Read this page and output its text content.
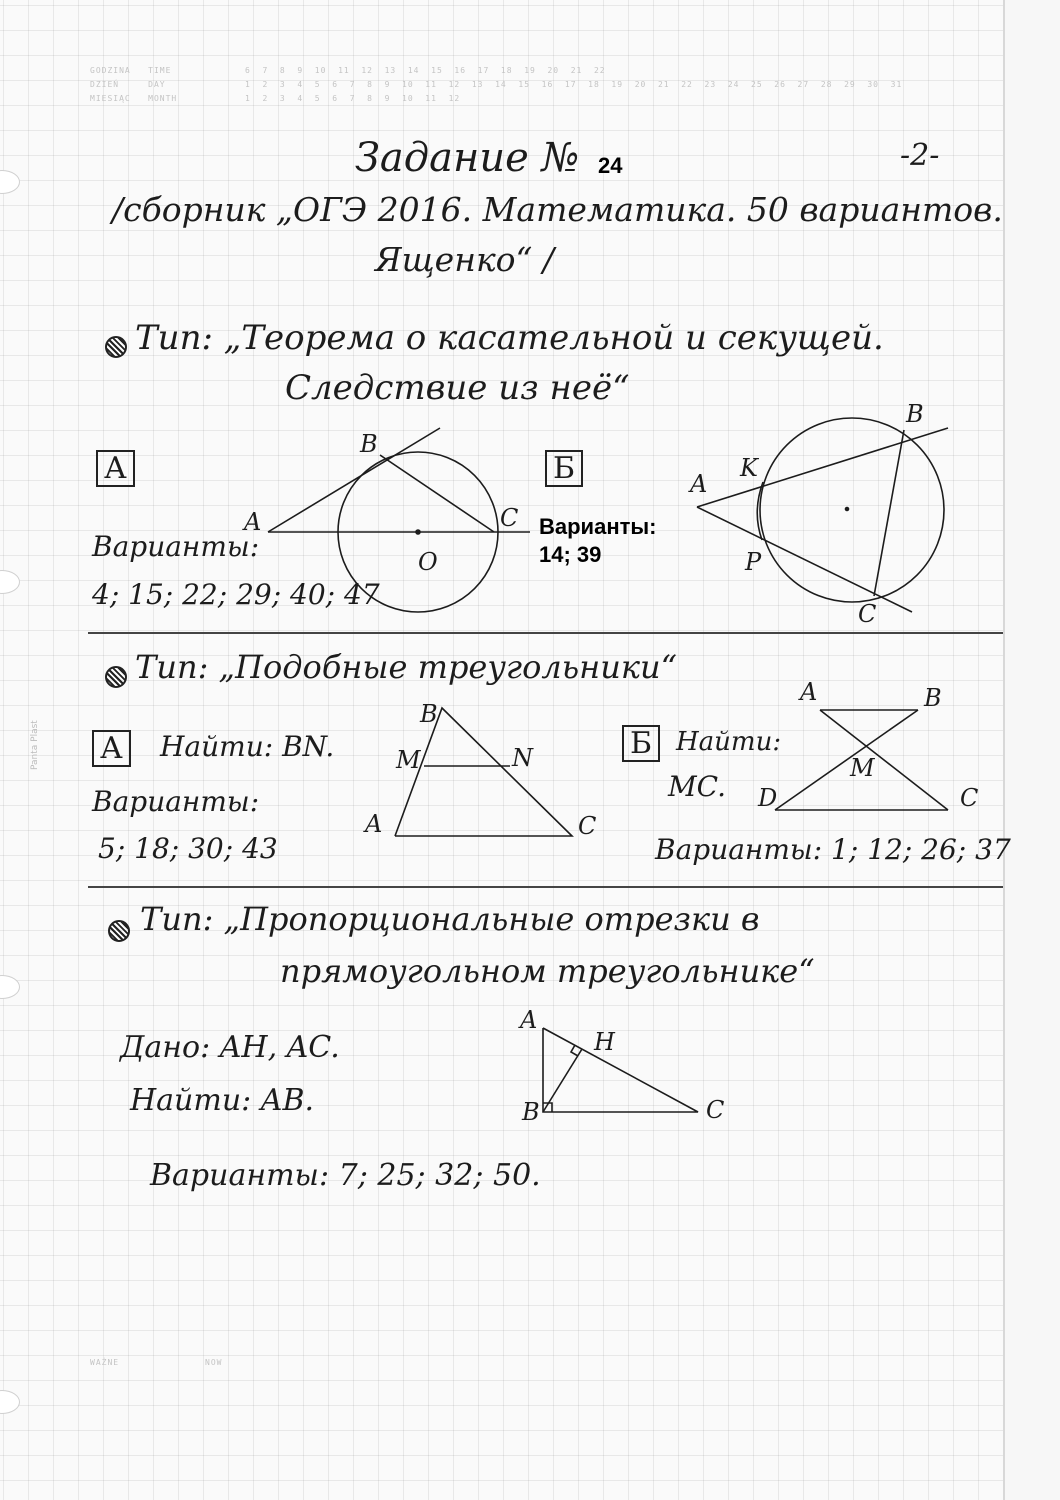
GODZINA   TIME	6  7  8  9  10  11  12  13  14  15  16  17  18  19  20  21  22
DZIEŃ     DAY	1  2  3  4  5  6  7  8  9  10  11  12  13  14  15  16  17  18  19  20  21  22  23  24  25  26  27  28  29  30  31
MIESIĄC   MONTH	1  2  3  4  5  6  7  8  9  10  11  12
Panta Plast
WAŻNE	NOW
Задание № 24	-2-
/сборник „ОГЭ 2016. Математика. 50 вариантов.
Ященко“ /
Тип: „Теорема о касательной и секущей.
Следствие из неё“
А
Варианты:
4; 15; 22; 29; 40; 47
A
B
C
O
A
K
B
P
C
B
M	N
A	C
A	B
M
D	C
A
H
B	C
Б
Варианты:
14; 39
Тип: „Подобные треугольники“
А Найти: BN.
Варианты:
5; 18; 30; 43
Б Найти:
MC.
Варианты: 1; 12; 26; 37
Тип: „Пропорциональные отрезки в
прямоугольном треугольнике“
Дано: AH, AC.
Найти: AB.
Варианты: 7; 25; 32; 50.
